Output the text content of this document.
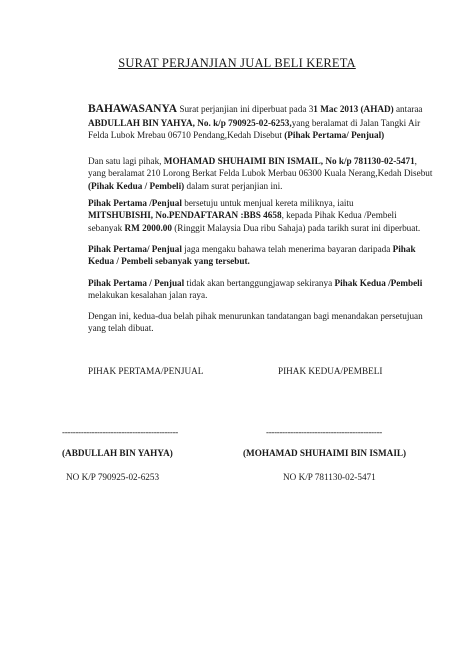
SURAT PERJANJIAN JUAL BELI KERETA
BAHAWASANYA Surat perjanjian ini diperbuat pada 31 Mac 2013 (AHAD) antaraa
ABDULLAH BIN YAHYA, No. k/p 790925-02-6253,yang beralamat di Jalan Tangki Air
Felda Lubok Mrebau 06710 Pendang,Kedah Disebut (Pihak Pertama/ Penjual)
Dan satu lagi pihak, MOHAMAD SHUHAIMI BIN ISMAIL, No k/p 781130-02-5471,
yang beralamat 210 Lorong Berkat Felda Lubok Merbau 06300 Kuala Nerang,Kedah Disebut
(Pihak Kedua / Pembeli) dalam surat perjanjian ini.
Pihak Pertama /Penjual bersetuju untuk menjual kereta miliknya, iaitu
MITSHUBISHI, No.PENDAFTARAN :BBS 4658, kepada Pihak Kedua /Pembeli
sebanyak RM 2000.00 (Ringgit Malaysia Dua ribu Sahaja) pada tarikh surat ini diperbuat.
Pihak Pertama/ Penjual jaga mengaku bahawa telah menerima bayaran daripada Pihak
Kedua / Pembeli sebanyak yang tersebut.
Pihak Pertama / Penjual tidak akan bertanggungjawap sekiranya Pihak Kedua /Pembeli
melakukan kesalahan jalan raya.
Dengan ini, kedua-dua belah pihak menurunkan tandatangan bagi menandakan persetujuan
yang telah dibuat.
PIHAK PERTAMA/PENJUAL	PIHAK KEDUA/PEMBELI
-------------------------------------------	-------------------------------------------
(ABDULLAH BIN YAHYA)	(MOHAMAD SHUHAIMI BIN ISMAIL)
NO K/P 790925-02-6253	NO K/P 781130-02-5471
